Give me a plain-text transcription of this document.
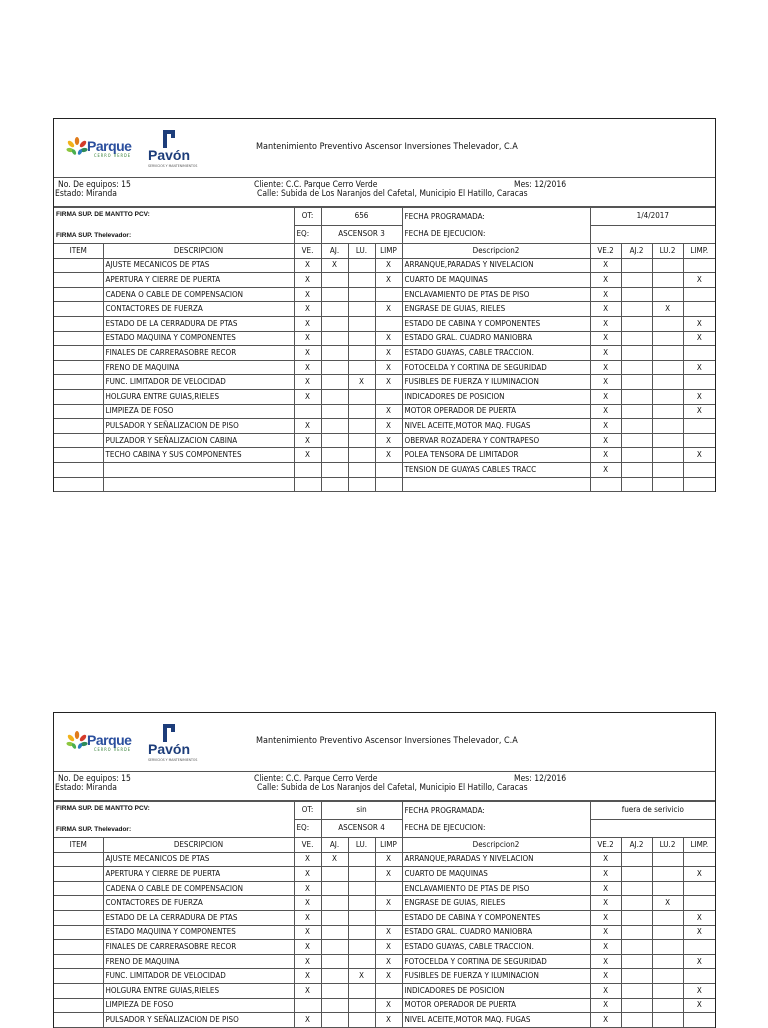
Parque
CERRO VERDE Pavón
SERVICIOS Y MANTENIMIENTOS
Mantenimiento Preventivo Ascensor Inversiones Thelevador, C.A
No. De equipos: 15
Estado: Miranda
Cliente: C.C. Parque Cerro Verde	Mes: 12/2016
Calle: Subida de Los Naranjos del Cafetal, Municipio El Hatillo, Caracas
FIRMA SUP. DE MANTTO PCV:		OT:	656			FECHA PROGRAMADA:	1/4/2017			
FIRMA SUP. Thelevador:		EQ:	ASCENSOR 3			FECHA DE EJECUCION:				
ITEM	DESCRIPCION	VE.	AJ.	LU.	LIMP	Descripcion2	VE.2	AJ.2	LU.2	LIMP.
	AJUSTE MECANICOS DE PTAS	X	X		X	ARRANQUE,PARADAS Y NIVELACION	X			
	APERTURA Y CIERRE DE PUERTA	X			X	CUARTO DE MAQUINAS	X			X
	CADENA O CABLE DE COMPENSACION	X				ENCLAVAMIENTO DE PTAS DE PISO	X			
	CONTACTORES DE FUERZA	X			X	ENGRASE DE GUIAS, RIELES	X		X	
	ESTADO DE LA CERRADURA DE PTAS	X				ESTADO DE CABINA Y COMPONENTES	X			X
	ESTADO MAQUINA Y COMPONENTES	X			X	ESTADO GRAL. CUADRO MANIOBRA	X			X
	FINALES DE CARRERASOBRE RECOR	X			X	ESTADO GUAYAS, CABLE TRACCION.	X			
	FRENO DE MAQUINA	X			X	FOTOCELDA Y CORTINA DE SEGURIDAD	X			X
	FUNC. LIMITADOR DE VELOCIDAD	X		X	X	FUSIBLES DE FUERZA Y ILUMINACION	X			
	HOLGURA ENTRE GUIAS,RIELES	X				INDICADORES DE POSICION	X			X
	LIMPIEZA DE FOSO				X	MOTOR OPERADOR DE PUERTA	X			X
	PULSADOR Y SEÑALIZACION DE PISO	X			X	NIVEL ACEITE,MOTOR MAQ. FUGAS	X			
	PULZADOR Y SEÑALIZACION CABINA	X			X	OBERVAR ROZADERA Y CONTRAPESO	X			
	TECHO CABINA Y SUS COMPONENTES	X			X	POLEA TENSORA DE LIMITADOR	X			X
						TENSION DE GUAYAS CABLES TRACC	X			

Parque
CERRO VERDE Pavón
SERVICIOS Y MANTENIMIENTOS
Mantenimiento Preventivo Ascensor Inversiones Thelevador, C.A
No. De equipos: 15
Estado: Miranda
Cliente: C.C. Parque Cerro Verde	Mes: 12/2016
Calle: Subida de Los Naranjos del Cafetal, Municipio El Hatillo, Caracas
FIRMA SUP. DE MANTTO PCV:		OT:	sin			FECHA PROGRAMADA:	fuera de serivicio			
FIRMA SUP. Thelevador:		EQ:	ASCENSOR 4			FECHA DE EJECUCION:				
ITEM	DESCRIPCION	VE.	AJ.	LU.	LIMP	Descripcion2	VE.2	AJ.2	LU.2	LIMP.
	AJUSTE MECANICOS DE PTAS	X	X		X	ARRANQUE,PARADAS Y NIVELACION	X			
	APERTURA Y CIERRE DE PUERTA	X			X	CUARTO DE MAQUINAS	X			X
	CADENA O CABLE DE COMPENSACION	X				ENCLAVAMIENTO DE PTAS DE PISO	X			
	CONTACTORES DE FUERZA	X			X	ENGRASE DE GUIAS, RIELES	X		X	
	ESTADO DE LA CERRADURA DE PTAS	X				ESTADO DE CABINA Y COMPONENTES	X			X
	ESTADO MAQUINA Y COMPONENTES	X			X	ESTADO GRAL. CUADRO MANIOBRA	X			X
	FINALES DE CARRERASOBRE RECOR	X			X	ESTADO GUAYAS, CABLE TRACCION.	X			
	FRENO DE MAQUINA	X			X	FOTOCELDA Y CORTINA DE SEGURIDAD	X			X
	FUNC. LIMITADOR DE VELOCIDAD	X		X	X	FUSIBLES DE FUERZA Y ILUMINACION	X			
	HOLGURA ENTRE GUIAS,RIELES	X				INDICADORES DE POSICION	X			X
	LIMPIEZA DE FOSO				X	MOTOR OPERADOR DE PUERTA	X			X
	PULSADOR Y SEÑALIZACION DE PISO	X			X	NIVEL ACEITE,MOTOR MAQ. FUGAS	X			
